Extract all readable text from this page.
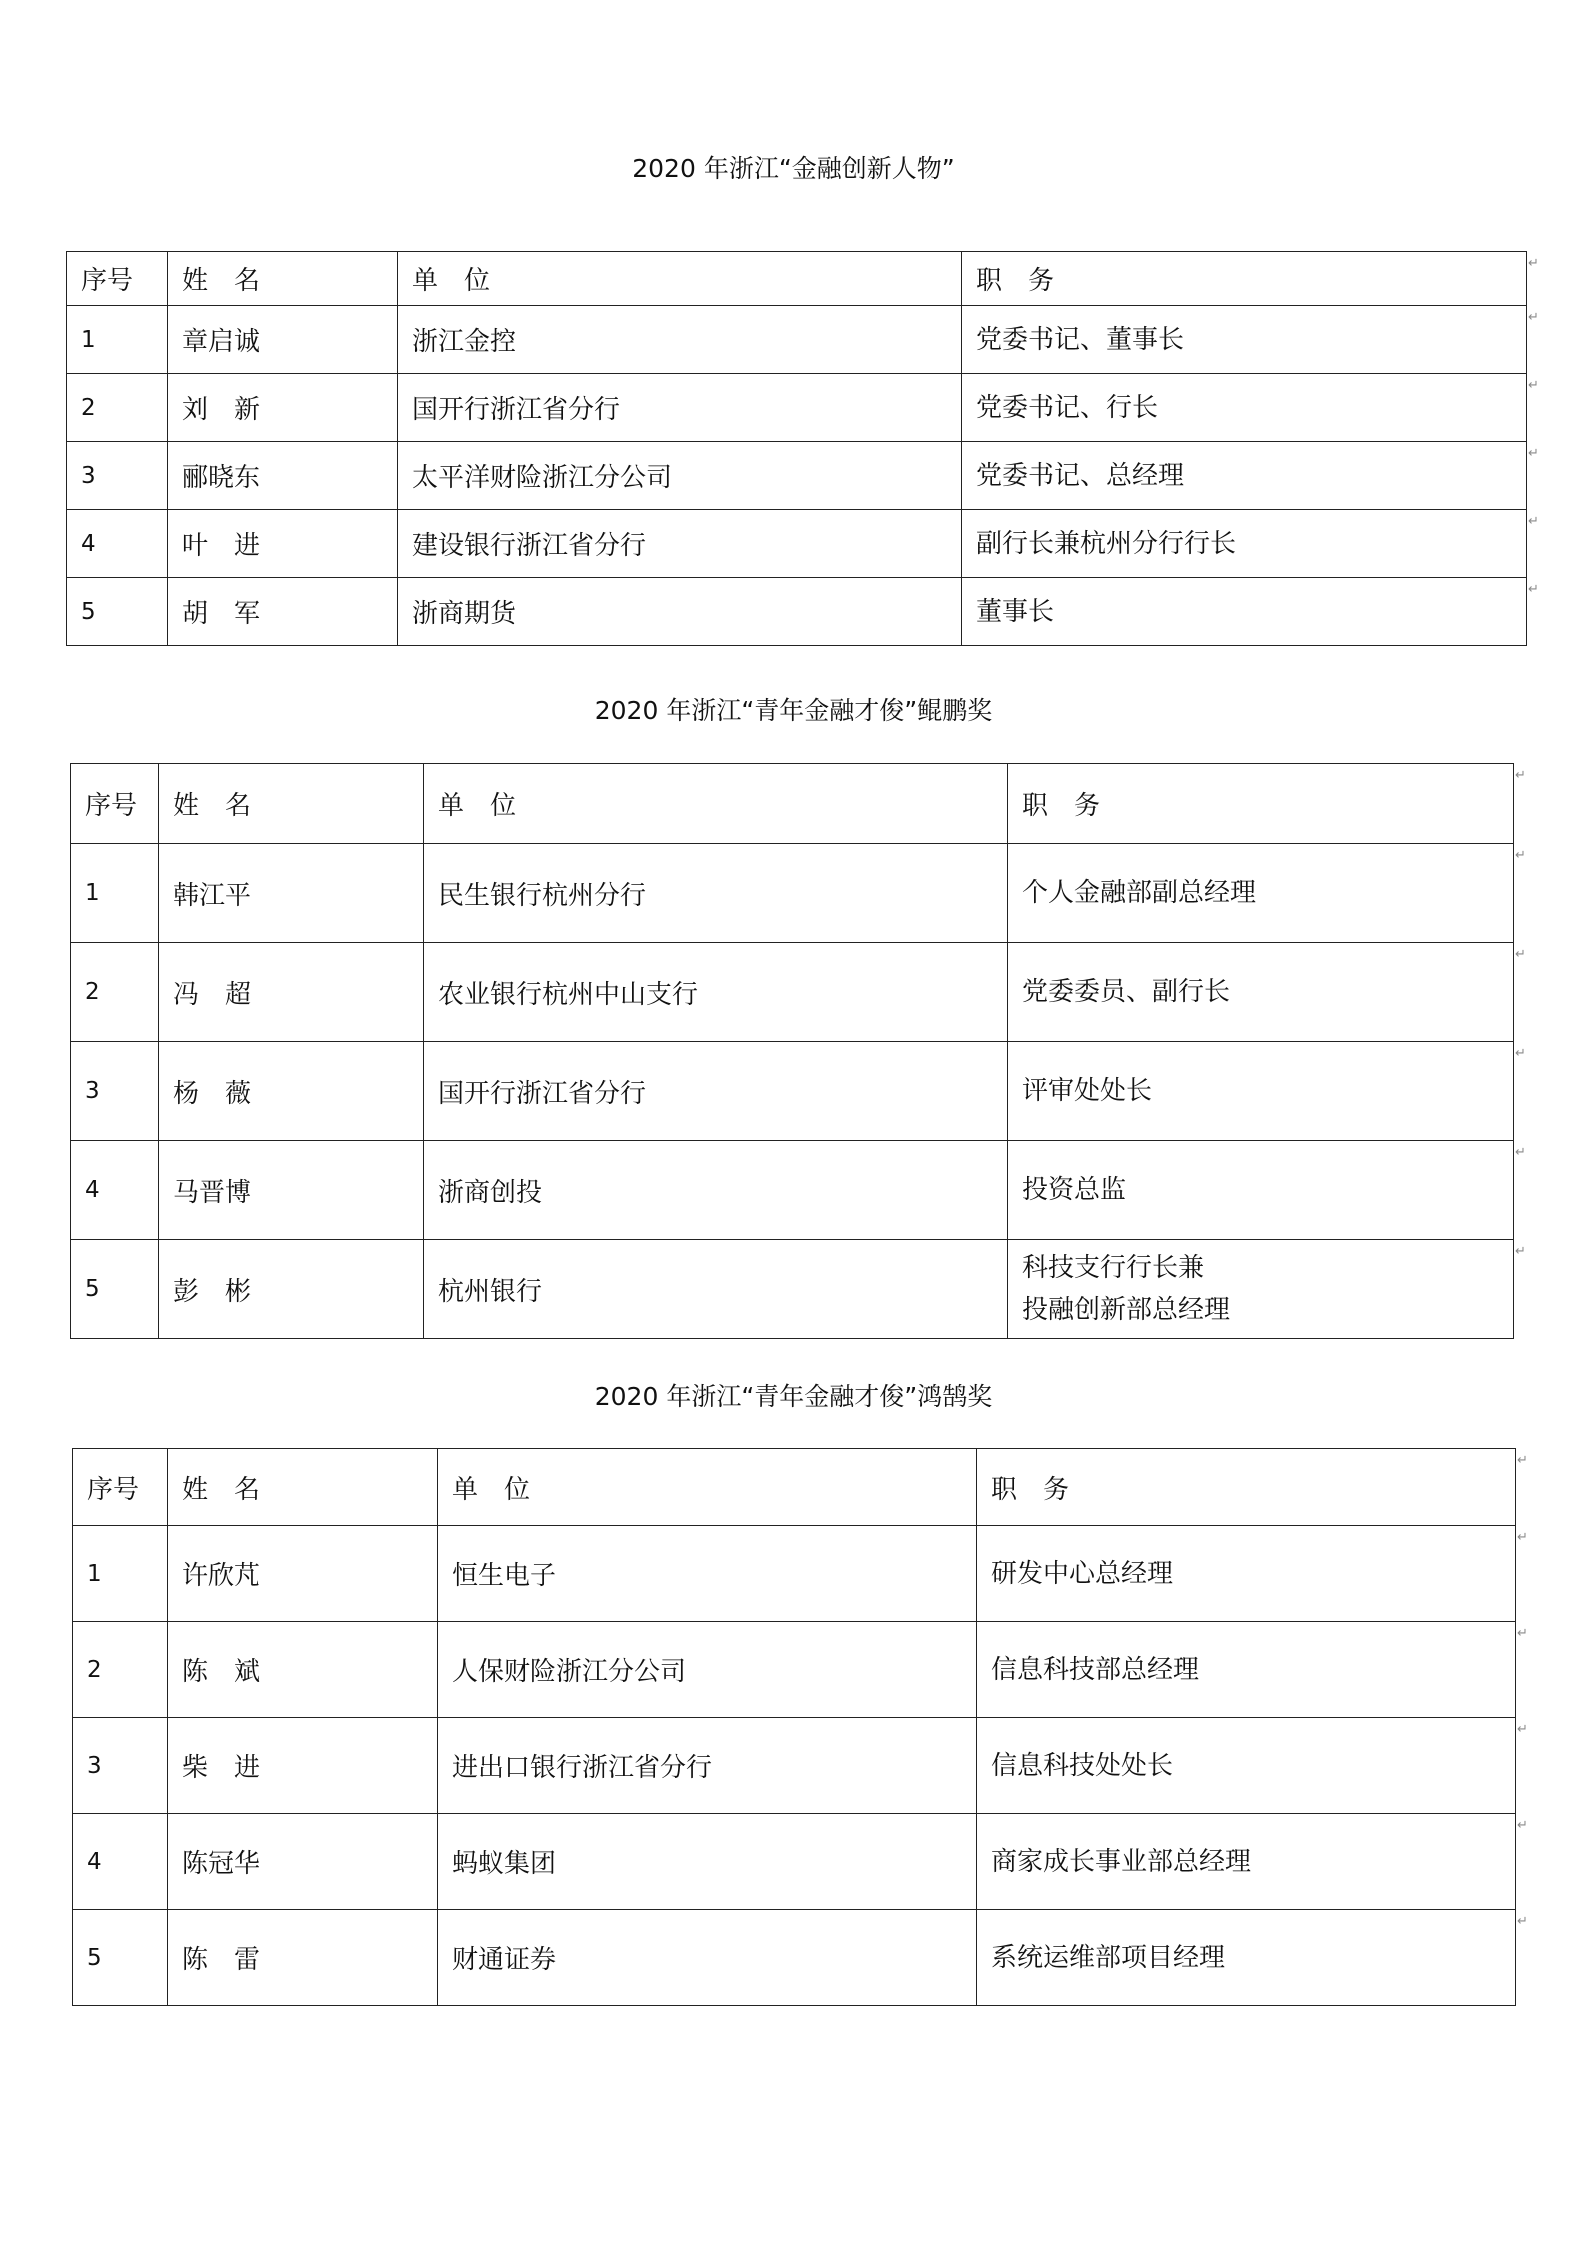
2020 年浙江“金融创新人物”
序号	姓　名	单　位	职　务
1	章启诚	浙江金控	党委书记、董事长

2	刘　新	国开行浙江省分行	党委书记、行长

3	郦晓东	太平洋财险浙江分公司	党委书记、总经理

4	叶　进	建设银行浙江省分行	副行长兼杭州分行行长

5	胡　军	浙商期货	董事长
↵
↵
↵
↵
↵
↵
2020 年浙江“青年金融才俊”鲲鹏奖
序号	姓　名	单　位	职　务
1	韩江平	民生银行杭州分行	个人金融部副总经理

2	冯　超	农业银行杭州中山支行	党委委员、副行长

3	杨　薇	国开行浙江省分行	评审处处长

4	马晋博	浙商创投	投资总监

5	彭　彬	杭州银行	科技支行行长兼
投融创新部总经理
↵
↵
↵
↵
↵
↵
2020 年浙江“青年金融才俊”鸿鹄奖
序号	姓　名	单　位	职　务
1	许欣芃	恒生电子	研发中心总经理

2	陈　斌	人保财险浙江分公司	信息科技部总经理

3	柴　进	进出口银行浙江省分行	信息科技处处长

4	陈冠华	蚂蚁集团	商家成长事业部总经理

5	陈　雷	财通证券	系统运维部项目经理
↵
↵
↵
↵
↵
↵
